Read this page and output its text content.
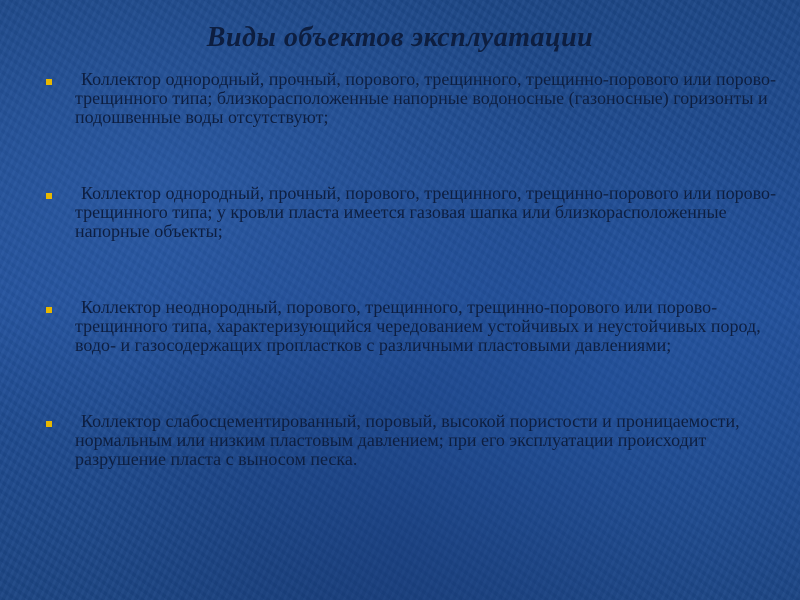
Виды объектов эксплуатации
Коллектор однородный, прочный, порового, трещинного, трещинно-порового или порово-трещинного типа; близкорасположенные напорные водоносные (газоносные) горизонты и подошвенные воды отсутствуют;
Коллектор однородный, прочный, порового, трещинного, трещинно-порового или порово-трещинного типа; у кровли пласта имеется газовая шапка или близкорасположенные напорные объекты;
Коллектор неоднородный, порового, трещинного, трещинно-порового или порово-трещинного типа, характеризующийся чередованием устойчивых и неустойчивых пород, водо- и газосодержащих пропластков с различными пластовыми давлениями;
Коллектор слабосцементированный, поровый, высокой пористости и проницаемости, нормальным или низким пластовым давлением; при его эксплуатации происходит разрушение пласта с выносом песка.
